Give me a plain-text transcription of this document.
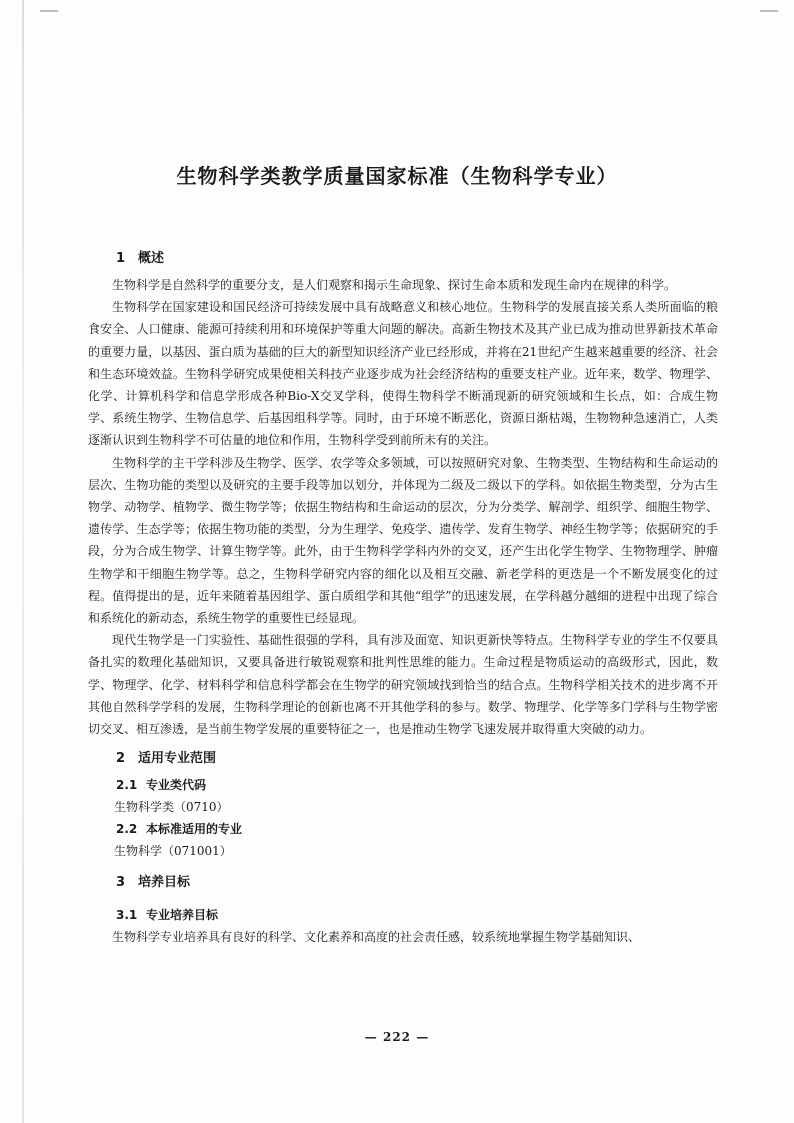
生物科学类教学质量国家标准（生物科学专业）
1 概述

生物科学是自然科学的重要分支，是人们观察和揭示生命现象、探讨生命本质和发现生命内在规律的科学。

生物科学在国家建设和国民经济可持续发展中具有战略意义和核心地位。生物科学的发展直接关系人类所面临的粮食安全、人口健康、能源可持续利用和环境保护等重大问题的解决。高新生物技术及其产业已成为推动世界新技术革命的重要力量，以基因、蛋白质为基础的巨大的新型知识经济产业已经形成，并将在21世纪产生越来越重要的经济、社会和生态环境效益。生物科学研究成果使相关科技产业逐步成为社会经济结构的重要支柱产业。近年来，数学、物理学、化学、计算机科学和信息学形成各种Bio-X交叉学科，使得生物科学不断涌现新的研究领域和生长点，如：合成生物学、系统生物学、生物信息学、后基因组科学等。同时，由于环境不断恶化，资源日渐枯竭，生物物种急速消亡，人类逐渐认识到生物科学不可估量的地位和作用，生物科学受到前所未有的关注。

生物科学的主干学科涉及生物学、医学、农学等众多领域，可以按照研究对象、生物类型、生物结构和生命运动的层次、生物功能的类型以及研究的主要手段等加以划分，并体现为二级及二级以下的学科。如依据生物类型，分为古生物学、动物学、植物学、微生物学等；依据生物结构和生命运动的层次，分为分类学、解剖学、组织学、细胞生物学、遗传学、生态学等；依据生物功能的类型，分为生理学、免疫学、遗传学、发育生物学、神经生物学等；依据研究的手段，分为合成生物学、计算生物学等。此外，由于生物科学学科内外的交叉，还产生出化学生物学、生物物理学、肿瘤生物学和干细胞生物学等。总之，生物科学研究内容的细化以及相互交融、新老学科的更迭是一个不断发展变化的过程。值得提出的是，近年来随着基因组学、蛋白质组学和其他“组学”的迅速发展，在学科越分越细的进程中出现了综合和系统化的新动态，系统生物学的重要性已经显现。

现代生物学是一门实验性、基础性很强的学科，具有涉及面宽、知识更新快等特点。生物科学专业的学生不仅要具备扎实的数理化基础知识，又要具备进行敏锐观察和批判性思维的能力。生命过程是物质运动的高级形式，因此，数学、物理学、化学、材料科学和信息科学都会在生物学的研究领域找到恰当的结合点。生物科学相关技术的进步离不开其他自然科学学科的发展，生物科学理论的创新也离不开其他学科的参与。数学、物理学、化学等多门学科与生物学密切交叉、相互渗透，是当前生物学发展的重要特征之一，也是推动生物学飞速发展并取得重大突破的动力。

2 适用专业范围
2.1 专业类代码

生物科学类（0710）

2.2 本标准适用的专业

生物科学（071001）

3 培养目标
3.1 专业培养目标

生物科学专业培养具有良好的科学、文化素养和高度的社会责任感，较系统地掌握生物学基础知识、

— 222 —
